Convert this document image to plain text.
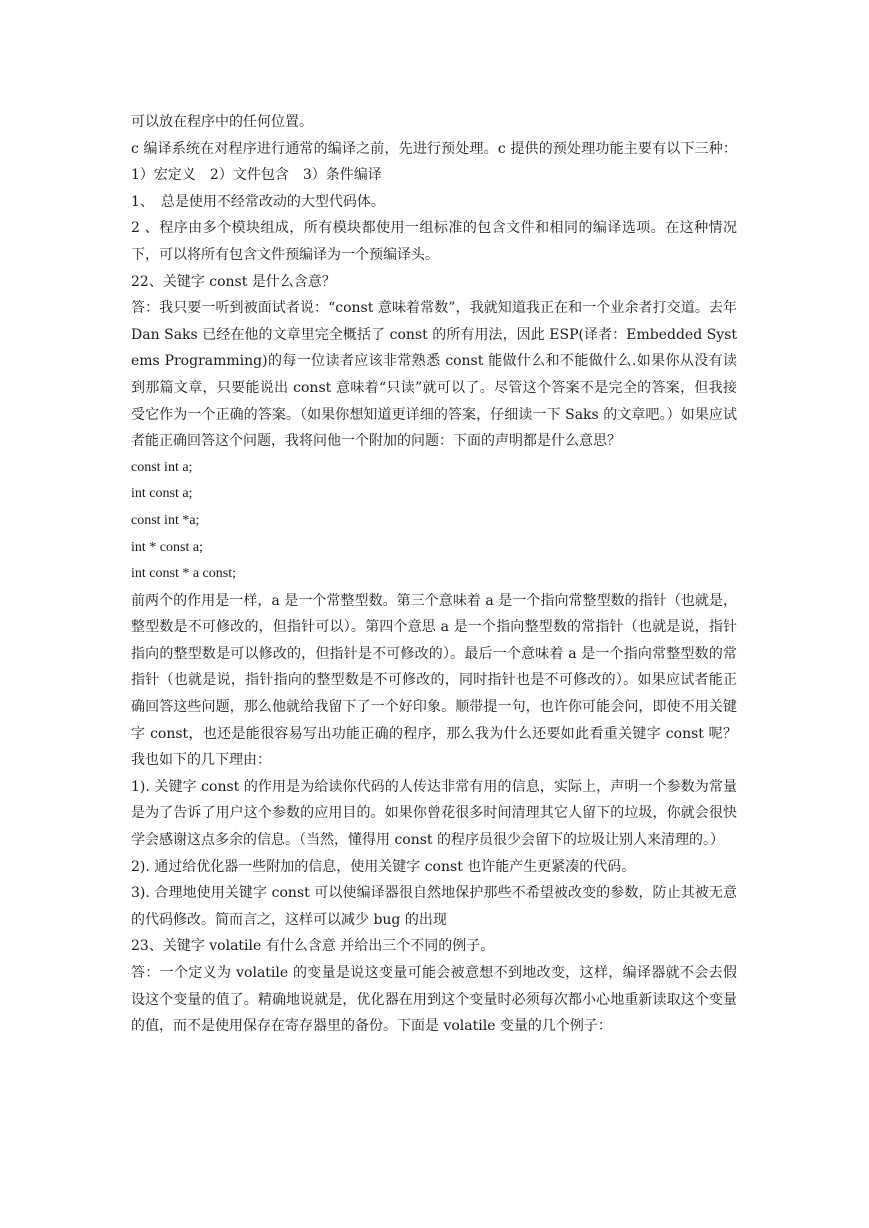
可以放在程序中的任何位置。

c 编译系统在对程序进行通常的编译之前，先进行预处理。c 提供的预处理功能主要有以下三种：1）宏定义　2）文件包含　3）条件编译

1、　总是使用不经常改动的大型代码体。

2 、程序由多个模块组成，所有模块都使用一组标准的包含文件和相同的编译选项。在这种情况下，可以将所有包含文件预编译为一个预编译头。

22、关键字 const 是什么含意？

答：我只要一听到被面试者说：“const 意味着常数”，我就知道我正在和一个业余者打交道。去年 Dan Saks 已经在他的文章里完全概括了 const 的所有用法，因此 ESP(译者：Embedded Systems Programming)的每一位读者应该非常熟悉 const 能做什么和不能做什么.如果你从没有读到那篇文章，只要能说出 const 意味着“只读”就可以了。尽管这个答案不是完全的答案，但我接受它作为一个正确的答案。（如果你想知道更详细的答案，仔细读一下 Saks 的文章吧。）如果应试者能正确回答这个问题，我将问他一个附加的问题：下面的声明都是什么意思？

const int a;

int const a;

const int *a;

int * const a;

int const * a const;

前两个的作用是一样，a 是一个常整型数。第三个意味着 a 是一个指向常整型数的指针（也就是，整型数是不可修改的，但指针可以）。第四个意思 a 是一个指向整型数的常指针（也就是说，指针指向的整型数是可以修改的，但指针是不可修改的）。最后一个意味着 a 是一个指向常整型数的常指针（也就是说，指针指向的整型数是不可修改的，同时指针也是不可修改的）。如果应试者能正确回答这些问题，那么他就给我留下了一个好印象。顺带提一句，也许你可能会问，即使不用关键字 const，也还是能很容易写出功能正确的程序，那么我为什么还要如此看重关键字 const 呢？我也如下的几下理由：

1). 关键字 const 的作用是为给读你代码的人传达非常有用的信息，实际上，声明一个参数为常量是为了告诉了用户这个参数的应用目的。如果你曾花很多时间清理其它人留下的垃圾，你就会很快学会感谢这点多余的信息。（当然，懂得用 const 的程序员很少会留下的垃圾让别人来清理的。）

2). 通过给优化器一些附加的信息，使用关键字 const 也许能产生更紧凑的代码。

3). 合理地使用关键字 const 可以使编译器很自然地保护那些不希望被改变的参数，防止其被无意的代码修改。简而言之，这样可以减少 bug 的出现

23、关键字 volatile 有什么含意 并给出三个不同的例子。

答：一个定义为 volatile 的变量是说这变量可能会被意想不到地改变，这样，编译器就不会去假设这个变量的值了。精确地说就是，优化器在用到这个变量时必须每次都小心地重新读取这个变量的值，而不是使用保存在寄存器里的备份。下面是 volatile 变量的几个例子：
